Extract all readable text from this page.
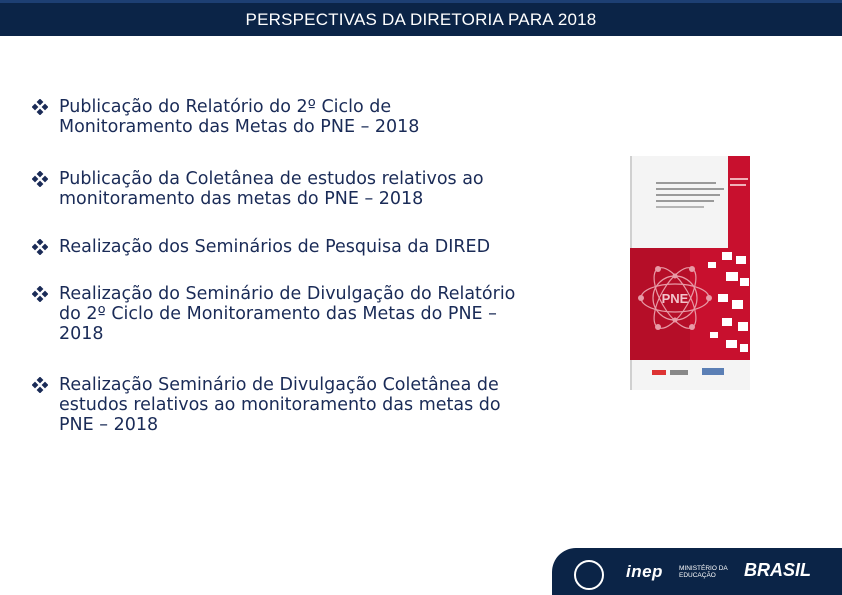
PERSPECTIVAS DA DIRETORIA PARA 2018
Publicação do Relatório do 2º Ciclo de
Monitoramento das Metas do PNE – 2018
Publicação da Coletânea de estudos relativos ao
monitoramento das metas do PNE – 2018
Realização dos Seminários de Pesquisa da DIRED
Realização do Seminário de Divulgação do Relatório
do 2º Ciclo de Monitoramento das Metas do PNE –
2018
Realização Seminário de Divulgação Coletânea de
estudos relativos ao monitoramento das metas do
PNE – 2018
PNE
inep MINISTÉRIO DA
EDUCAÇÃO	BRASIL
